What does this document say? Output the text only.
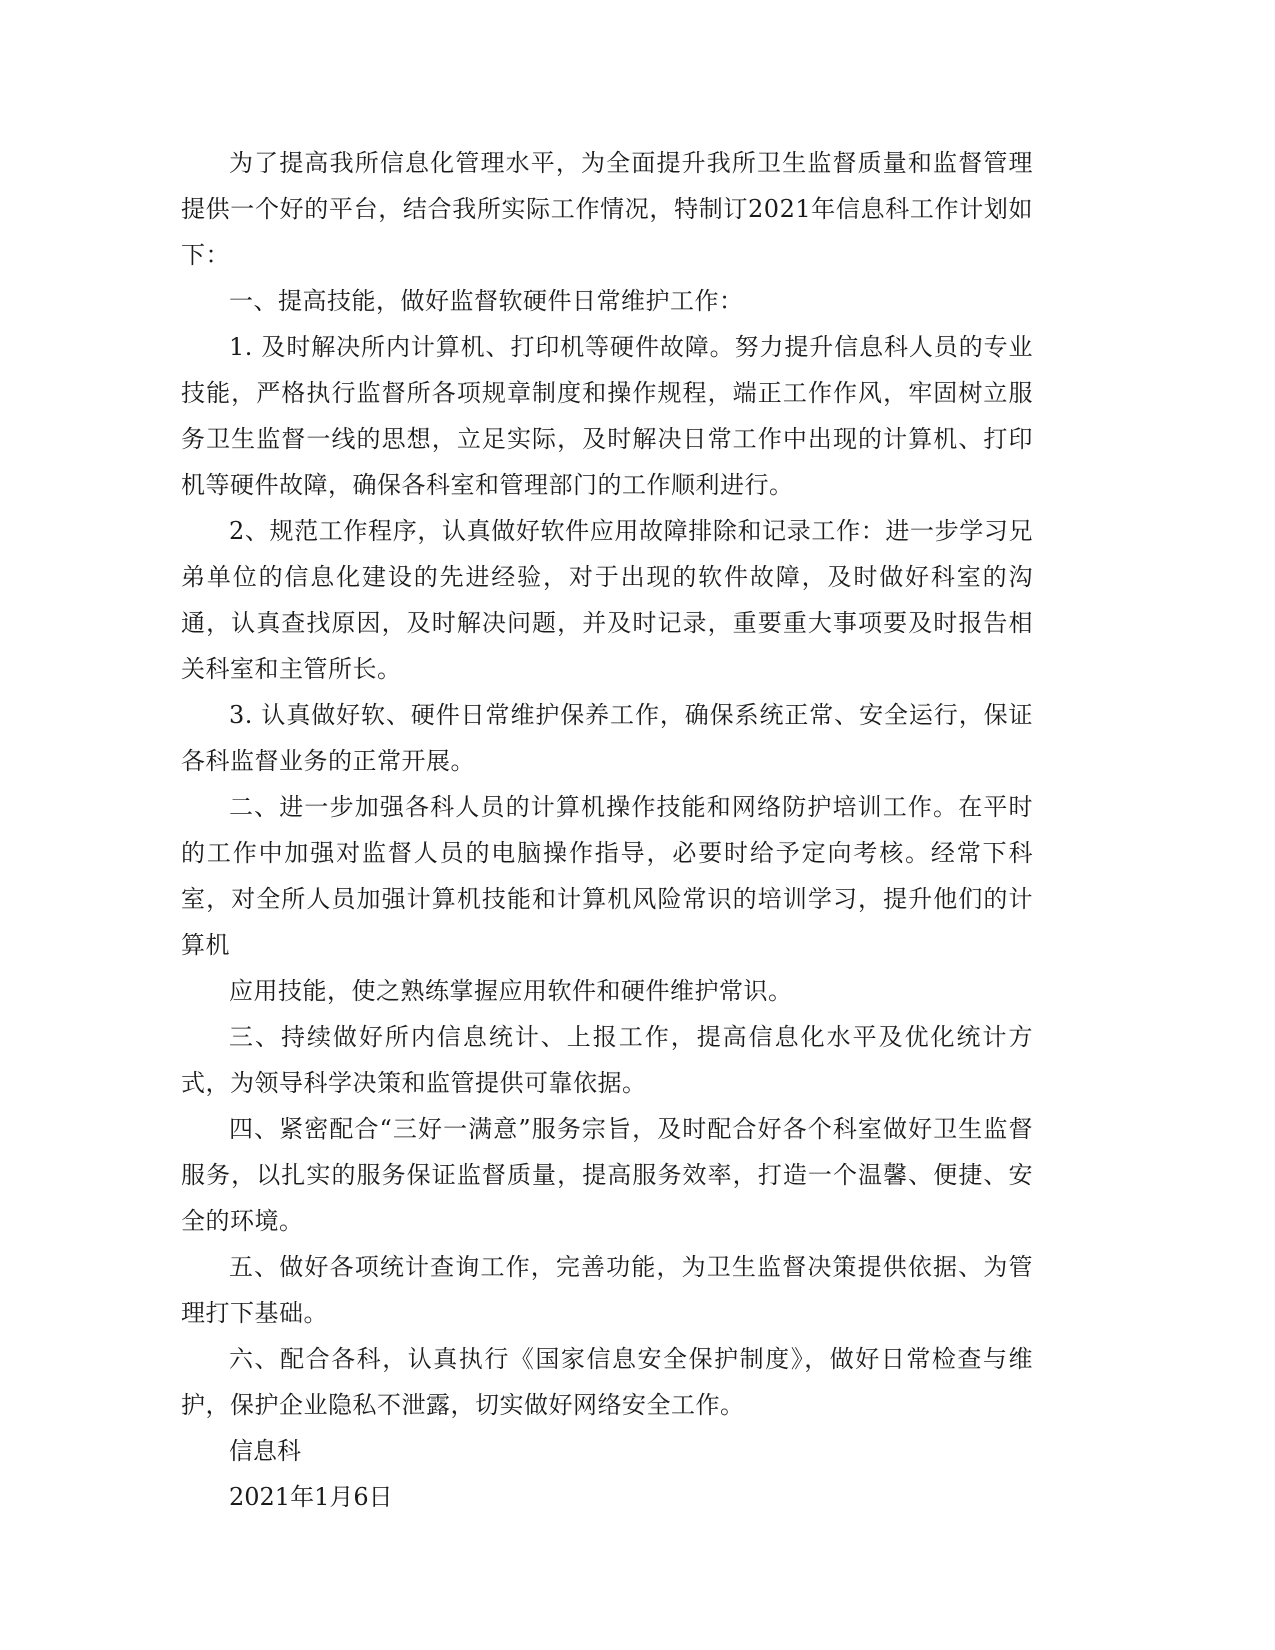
为了提高我所信息化管理水平，为全面提升我所卫生监督质量和监督管理提供一个好的平台，结合我所实际工作情况，特制订2021年信息科工作计划如下：

一、提高技能，做好监督软硬件日常维护工作：

1. 及时解决所内计算机、打印机等硬件故障。努力提升信息科人员的专业技能，严格执行监督所各项规章制度和操作规程，端正工作作风，牢固树立服务卫生监督一线的思想，立足实际，及时解决日常工作中出现的计算机、打印机等硬件故障，确保各科室和管理部门的工作顺利进行。

2、规范工作程序，认真做好软件应用故障排除和记录工作：进一步学习兄弟单位的信息化建设的先进经验，对于出现的软件故障，及时做好科室的沟通，认真查找原因，及时解决问题，并及时记录，重要重大事项要及时报告相关科室和主管所长。

3. 认真做好软、硬件日常维护保养工作，确保系统正常、安全运行，保证各科监督业务的正常开展。

二、进一步加强各科人员的计算机操作技能和网络防护培训工作。在平时的工作中加强对监督人员的电脑操作指导，必要时给予定向考核。经常下科室，对全所人员加强计算机技能和计算机风险常识的培训学习，提升他们的计算机

应用技能，使之熟练掌握应用软件和硬件维护常识。

三、持续做好所内信息统计、上报工作，提高信息化水平及优化统计方式，为领导科学决策和监管提供可靠依据。

四、紧密配合“三好一满意”服务宗旨，及时配合好各个科室做好卫生监督服务，以扎实的服务保证监督质量，提高服务效率，打造一个温馨、便捷、安全的环境。

五、做好各项统计查询工作，完善功能，为卫生监督决策提供依据、为管理打下基础。

六、配合各科，认真执行《国家信息安全保护制度》，做好日常检查与维护，保护企业隐私不泄露，切实做好网络安全工作。

信息科

2021年1月6日
